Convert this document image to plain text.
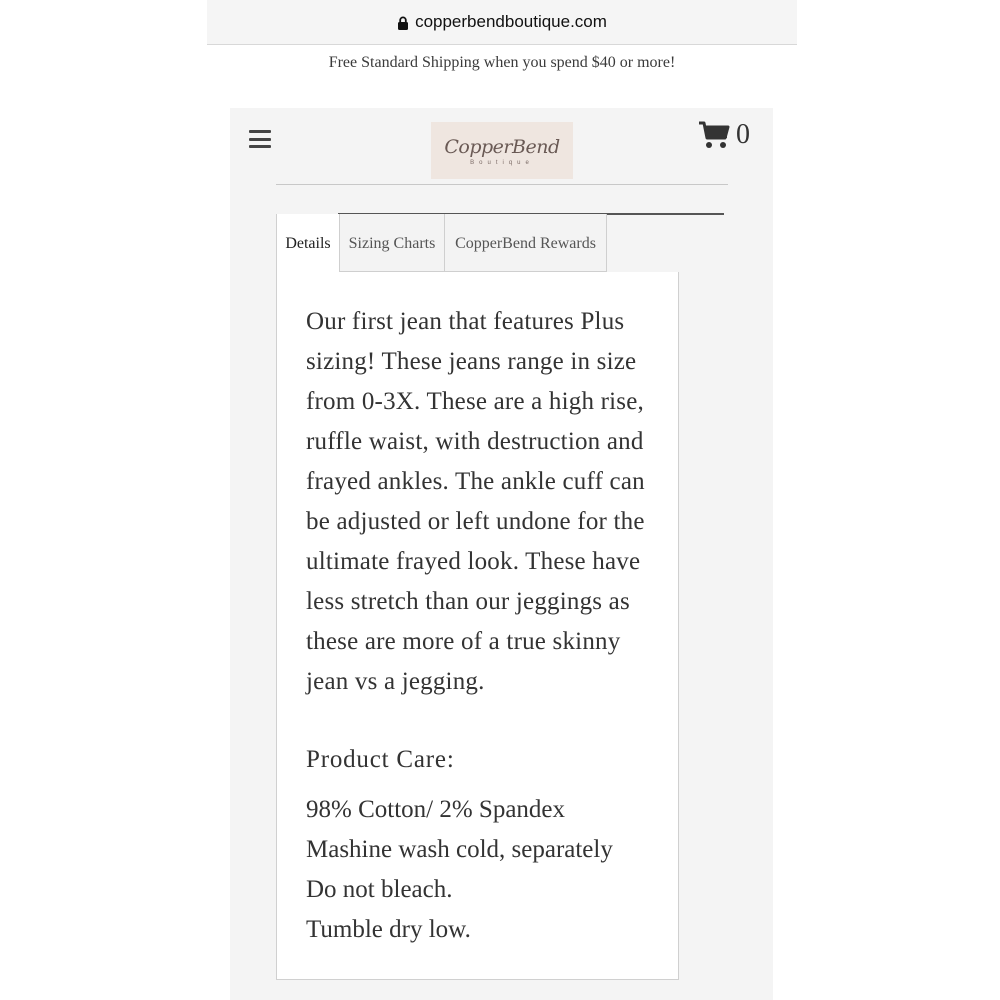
copperbendboutique.com
Free Standard Shipping when you spend $40 or more!
CopperBend
Boutique
0
Details	Sizing Charts	CopperBend Rewards

Our first jean that features Plus sizing! These jeans range in size from 0-3X. These are a high rise, ruffle waist, with destruction and frayed ankles. The ankle cuff can be adjusted or left undone for the ultimate frayed look. These have less stretch than our jeggings as these are more of a true skinny jean vs a jegging.

Product Care:
98% Cotton/ 2% Spandex
Mashine wash cold, separately
Do not bleach.
Tumble dry low.
